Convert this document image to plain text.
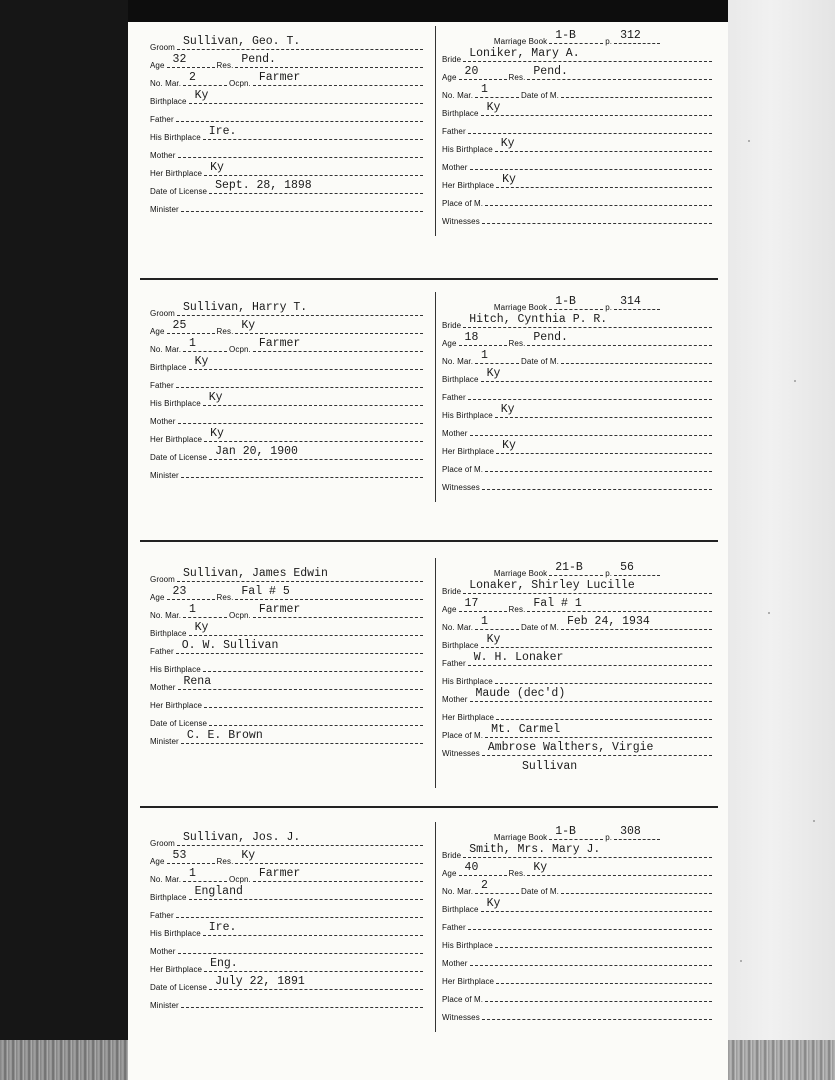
Groom Sullivan, Geo. T.
Age 32	Res. Pend.
No. Mar. 2	Ocpn. Farmer
Birthplace Ky
Father
His Birthplace Ire.
Mother
Her Birthplace Ky
Date of License Sept. 28, 1898
Minister
Marriage Book 1-B	p. 312
Bride Loniker, Mary A.
Age 20	Res. Pend.
No. Mar. 1	Date of M.
Birthplace Ky
Father
His Birthplace Ky
Mother
Her Birthplace Ky
Place of M.
Witnesses
Groom Sullivan, Harry T.
Age 25	Res. Ky
No. Mar. 1	Ocpn. Farmer
Birthplace Ky
Father
His Birthplace Ky
Mother
Her Birthplace Ky
Date of License Jan 20, 1900
Minister
Marriage Book 1-B	p. 314
Bride Hitch, Cynthia P. R.
Age 18	Res. Pend.
No. Mar. 1	Date of M.
Birthplace Ky
Father
His Birthplace Ky
Mother
Her Birthplace Ky
Place of M.
Witnesses
Groom Sullivan, James Edwin
Age 23	Res. Fal # 5
No. Mar. 1	Ocpn. Farmer
Birthplace Ky
Father O. W. Sullivan
His Birthplace
Mother Rena
Her Birthplace
Date of License
Minister C. E. Brown
Marriage Book 21-B	p. 56
Bride Lonaker, Shirley Lucille
Age 17	Res. Fal # 1
No. Mar. 1	Date of M. Feb 24, 1934
Birthplace Ky
Father W. H. Lonaker
His Birthplace
Mother Maude (dec'd)
Her Birthplace
Place of M. Mt. Carmel
Witnesses Ambrose Walthers, Virgie
Sullivan
Groom Sullivan, Jos. J.
Age 53	Res. Ky
No. Mar. 1	Ocpn. Farmer
Birthplace England
Father
His Birthplace Ire.
Mother
Her Birthplace Eng.
Date of License July 22, 1891
Minister
Marriage Book 1-B	p. 308
Bride Smith, Mrs. Mary J.
Age 40	Res. Ky
No. Mar. 2	Date of M.
Birthplace Ky
Father
His Birthplace
Mother
Her Birthplace
Place of M.
Witnesses
